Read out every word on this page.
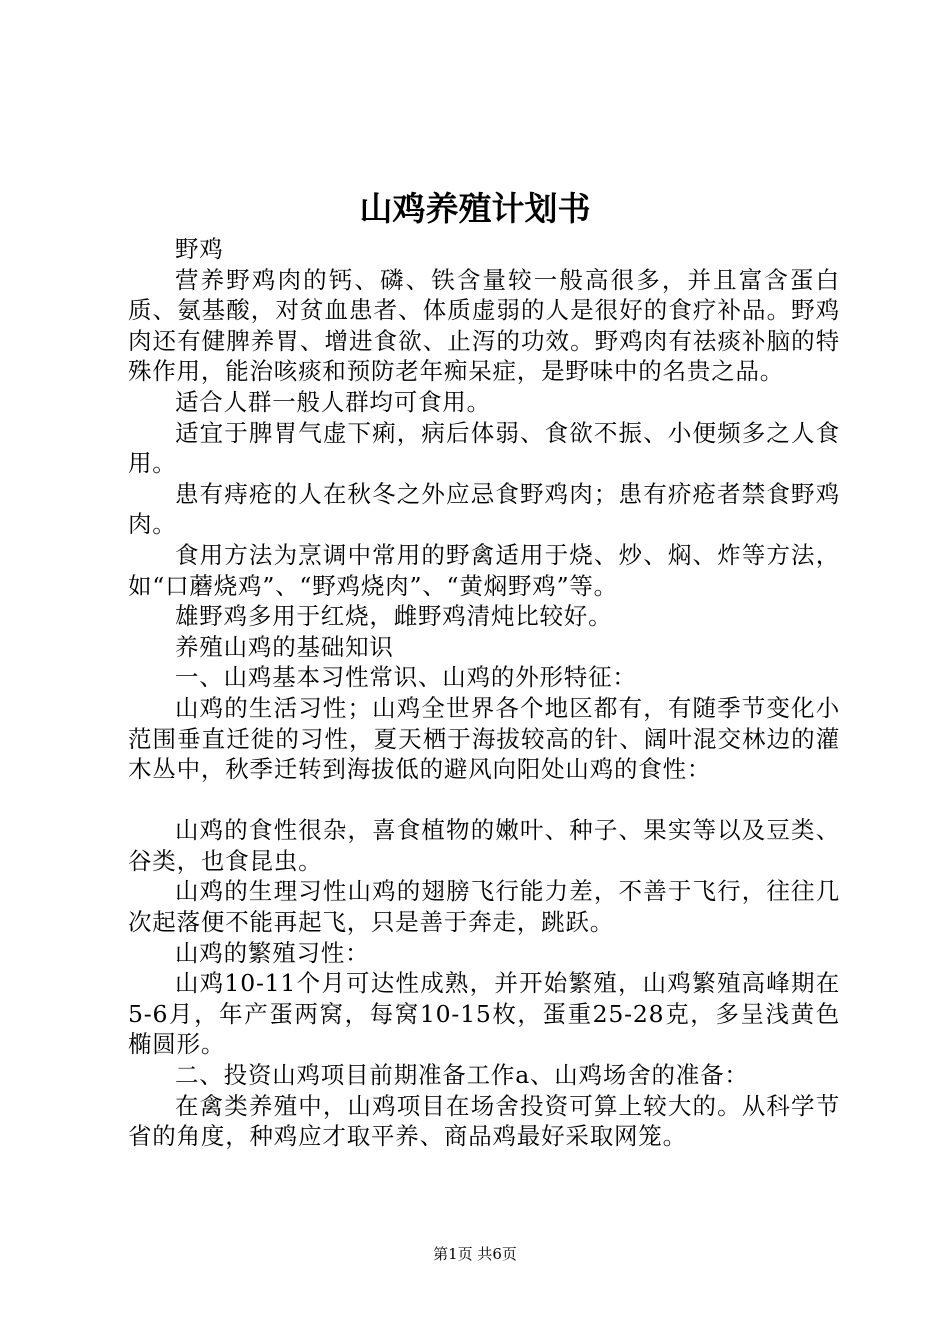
山鸡养殖计划书

野鸡

营养野鸡肉的钙、磷、铁含量较一般高很多，并且富含蛋白质、氨基酸，对贫血患者、体质虚弱的人是很好的食疗补品。野鸡肉还有健脾养胃、增进食欲、止泻的功效。野鸡肉有祛痰补脑的特殊作用，能治咳痰和预防老年痴呆症，是野味中的名贵之品。

适合人群一般人群均可食用。

适宜于脾胃气虚下痢，病后体弱、食欲不振、小便频多之人食用。

患有痔疮的人在秋冬之外应忌食野鸡肉；患有疥疮者禁食野鸡肉。

食用方法为烹调中常用的野禽适用于烧、炒、焖、炸等方法，如“口蘑烧鸡”、“野鸡烧肉”、“黄焖野鸡”等。

雄野鸡多用于红烧，雌野鸡清炖比较好。

养殖山鸡的基础知识

一、山鸡基本习性常识、山鸡的外形特征：

山鸡的生活习性；山鸡全世界各个地区都有，有随季节变化小范围垂直迁徙的习性，夏天栖于海拔较高的针、阔叶混交林边的灌木丛中，秋季迁转到海拔低的避风向阳处山鸡的食性：

山鸡的食性很杂，喜食植物的嫩叶、种子、果实等以及豆类、谷类，也食昆虫。

山鸡的生理习性山鸡的翅膀飞行能力差，不善于飞行，往往几次起落便不能再起飞，只是善于奔走，跳跃。

山鸡的繁殖习性：

山鸡10-11个月可达性成熟，并开始繁殖，山鸡繁殖高峰期在5-6月，年产蛋两窝，每窝10-15枚，蛋重25-28克，多呈浅黄色椭圆形。

二、投资山鸡项目前期准备工作a、山鸡场舍的准备：

在禽类养殖中，山鸡项目在场舍投资可算上较大的。从科学节省的角度，种鸡应才取平养、商品鸡最好采取网笼。

第1页 共6页
